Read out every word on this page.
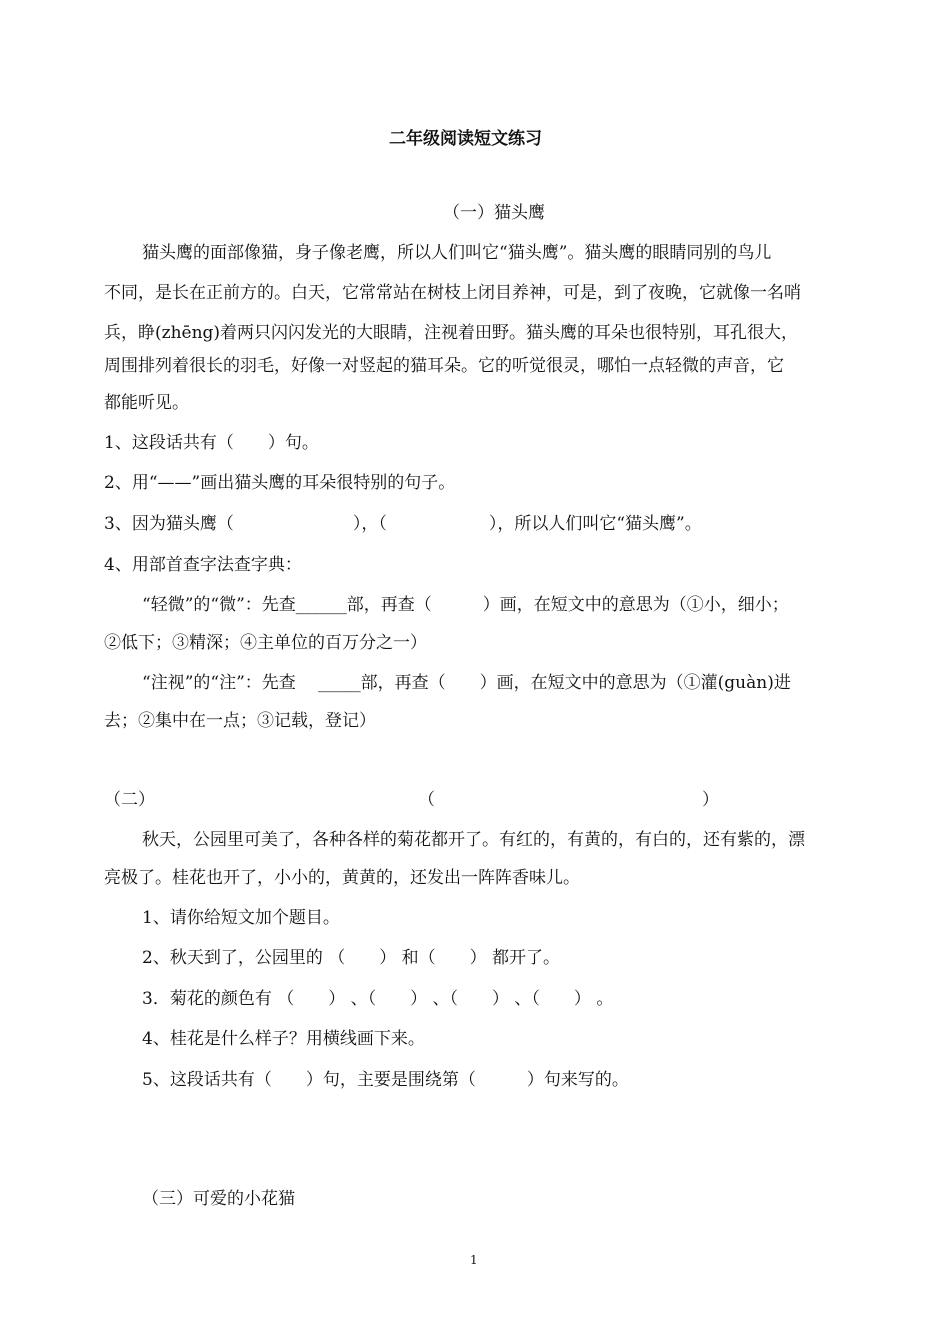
二年级阅读短文练习
（一）猫头鹰
猫头鹰的面部像猫，身子像老鹰，所以人们叫它“猫头鹰”。猫头鹰的眼睛同别的鸟儿
不同，是长在正前方的。白天，它常常站在树枝上闭目养神，可是，到了夜晚，它就像一名哨
兵，睁(zhēng)着两只闪闪发光的大眼睛，注视着田野。猫头鹰的耳朵也很特别，耳孔很大，
周围排列着很长的羽毛，好像一对竖起的猫耳朵。它的听觉很灵，哪怕一点轻微的声音，它
都能听见。
1、这段话共有（　　）句。
2、用“——”画出猫头鹰的耳朵很特别的句子。
3、因为猫头鹰（　　　　　　　），（　　　　　　），所以人们叫它“猫头鹰”。
4、用部首查字法查字典：
“轻微”的“微”：先查______部，再查（　　　）画，在短文中的意思为（①小，细小；
②低下；③精深；④主单位的百万分之一）
“注视”的“注”：先查　 _____部，再查（　　）画，在短文中的意思为（①灌(guàn)进
去；②集中在一点；③记载，登记）
（二）	（	）
秋天，公园里可美了，各种各样的菊花都开了。有红的，有黄的，有白的，还有紫的，漂
亮极了。桂花也开了，小小的，黄黄的，还发出一阵阵香味儿。
1、请你给短文加个题目。
2、秋天到了，公园里的 （　　） 和（　　） 都开了。
3．菊花的颜色有 （　　） 、（　　） 、（　　） 、（　　） 。
4、桂花是什么样子？用横线画下来。
5、这段话共有（　　）句，主要是围绕第（　　　）句来写的。
（三）可爱的小花猫
1
